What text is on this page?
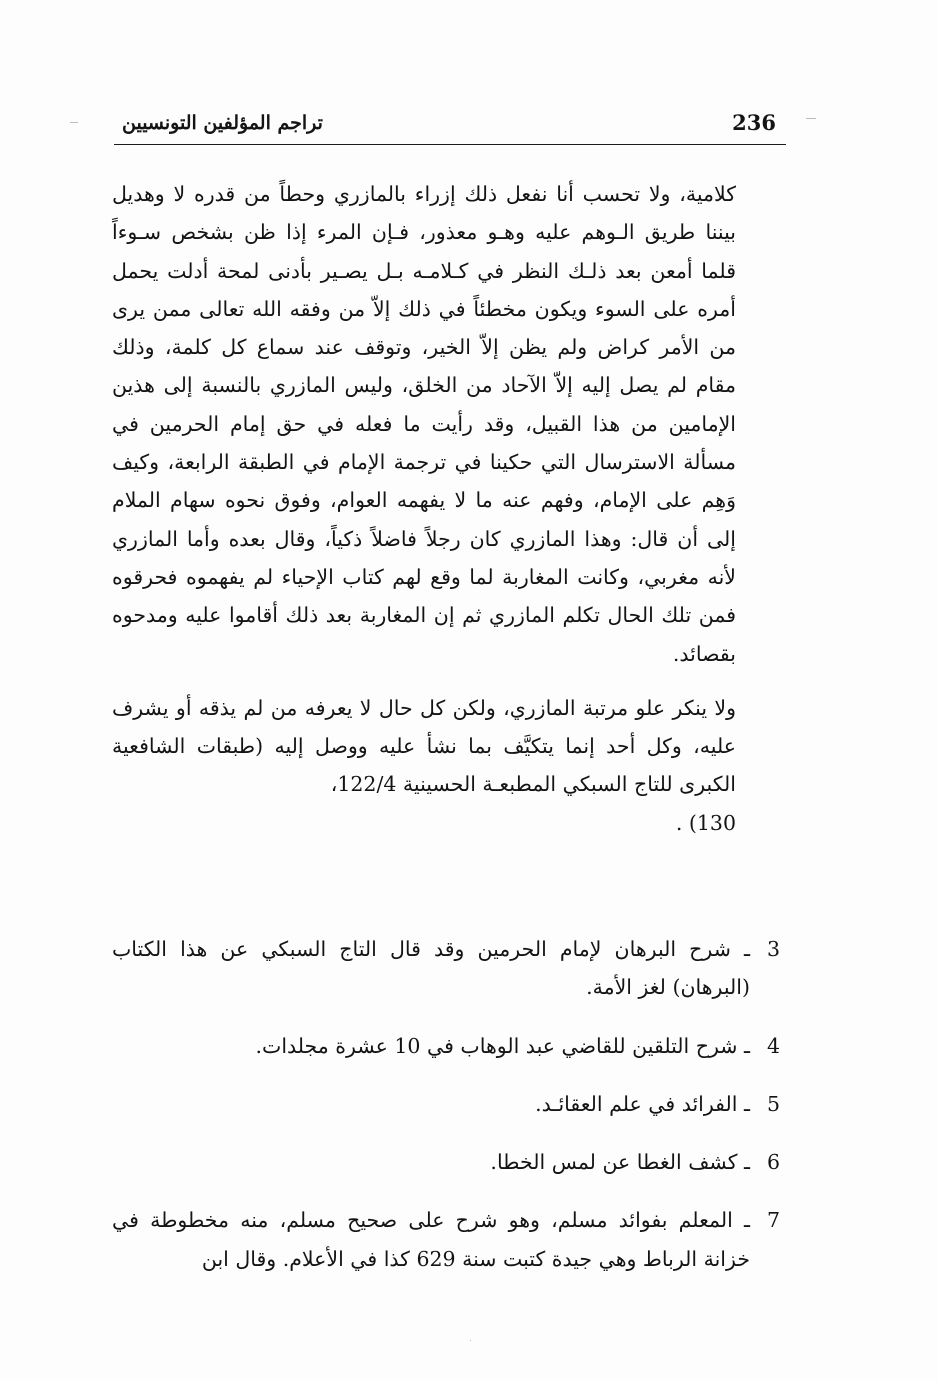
236
تراجم المؤلفين التونسيين

كلامية، ولا تحسب أنا نفعل ذلك إزراء بالمازري وحطاً من قدره لا وهديل بيننا طريق الـوهم عليه وهـو معذور، فـإن المرء إذا ظن بشخص سـوءاً قلما أمعن بعد ذلـك النظر في كـلامـه بـل يصـير بأدنى لمحة أدلت يحمل أمره على السوء ويكون مخطئاً في ذلك إلاّ من وفقه الله تعالى ممن يرى من الأمر كراض ولم يظن إلاّ الخير، وتوقف عند سماع كل كلمة، وذلك مقام لم يصل إليه إلاّ الآحاد من الخلق، وليس المازري بالنسبة إلى هذين الإمامين من هذا القبيل، وقد رأيت ما فعله في حق إمام الحرمين في مسألة الاسترسال التي حكينا في ترجمة الإمام في الطبقة الرابعة، وكيف وَهِم على الإمام، وفهم عنه ما لا يفهمه العوام، وفوق نحوه سهام الملام إلى أن قال: وهذا المازري كان رجلاً فاضلاً ذكياً، وقال بعده وأما المازري لأنه مغربي، وكانت المغاربة لما وقع لهم كتاب الإحياء لم يفهموه فحرقوه فمن تلك الحال تكلم المازري ثم إن المغاربة بعد ذلك أقاموا عليه ومدحوه بقصائد.

ولا ينكر علو مرتبة المازري، ولكن كل حال لا يعرفه من لم يذقه أو يشرف عليه، وكل أحد إنما يتكيَّف بما نشأ عليه ووصل إليه (طبقات الشافعية الكبرى للتاج السبكي المطبعـة الحسينية 122/4،
130) .

3
ـ شرح البرهان لإمام الحرمين وقد قال التاج السبكي عن هذا الكتاب (البرهان) لغز الأمة.
4
ـ شرح التلقين للقاضي عبد الوهاب في 10 عشرة مجلدات.
5
ـ الفرائد في علم العقائـد.
6
ـ كشف الغطا عن لمس الخطا.
7
ـ المعلم بفوائد مسلم، وهو شرح على صحيح مسلم، منه مخطوطة في خزانة الرباط وهي جيدة كتبت سنة 629 كذا في الأعلام. وقال ابن
